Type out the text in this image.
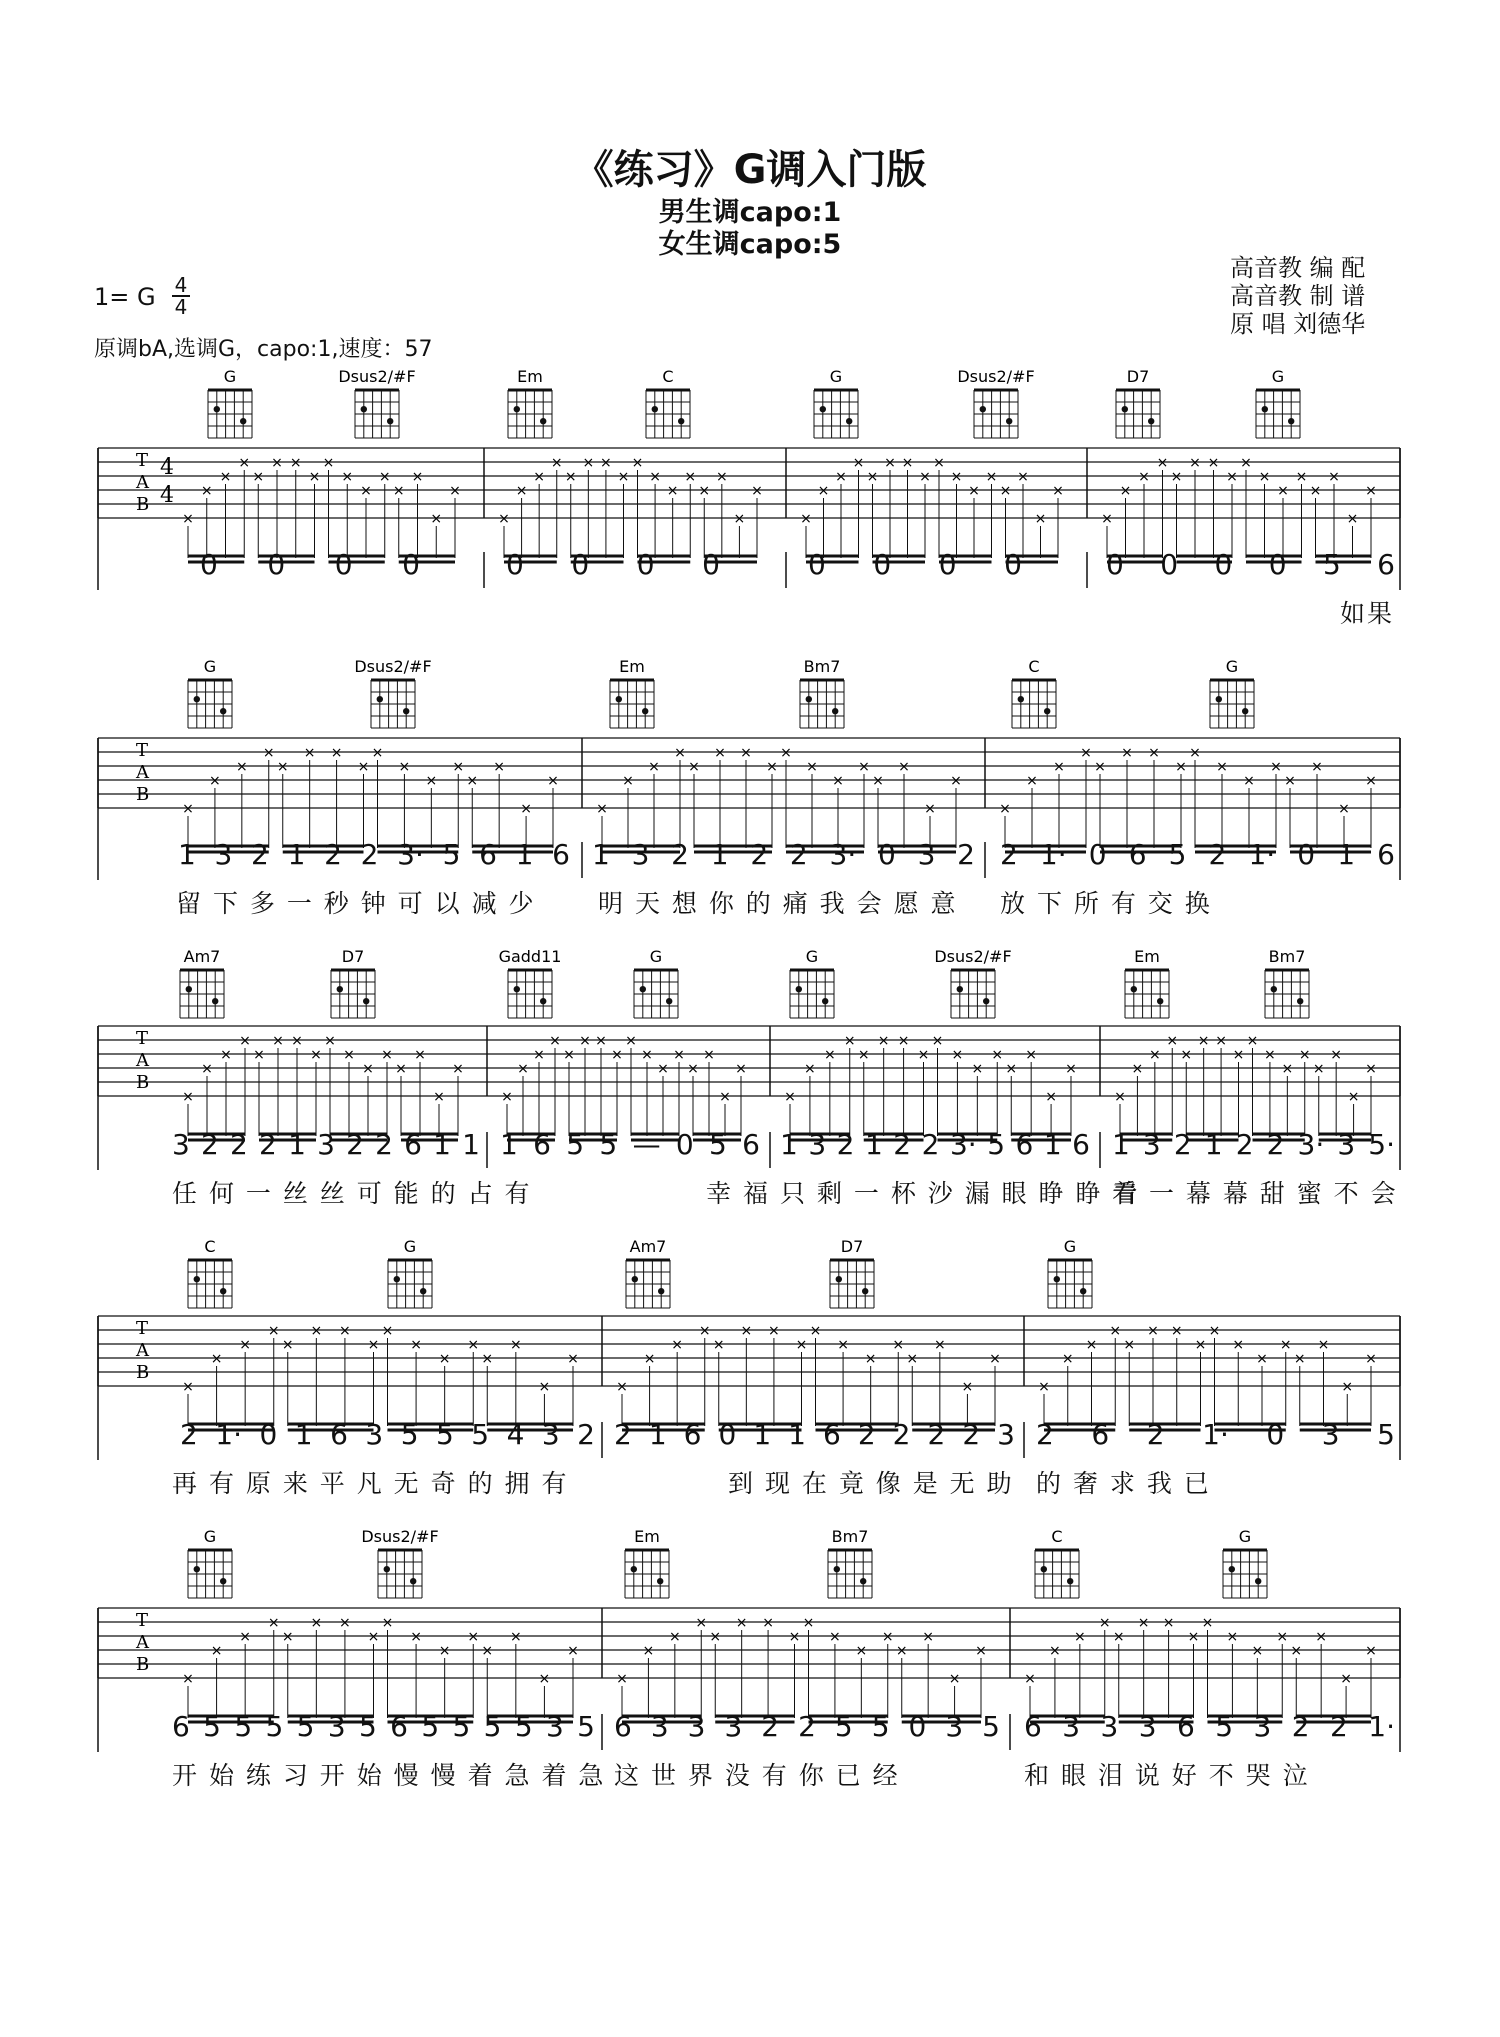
《练习》G调入门版
男生调capo:1
女生调capo:5
高音教 编 配
高音教 制 谱
原 唱 刘德华
1= G 4
4
原调bA,选调G，capo:1,速度：57
G	Dsus2/#F	Em	C	G	Dsus2/#F	D7	G
T
A
B
4
4
×
×
×
×
×
× ×
×
×
×
×
×
×
×
×
×
×
×
×
×
×
× ×
×
×
×
×
×
×
×
×
×
×
×
×
×
×
× ×
×
×
×
×
×
×
×
×
×
×
×
×
×
×
× ×
×
×
×
×
×
×
×
×
×
G	Dsus2/#F	Em	Bm7	C	G
T
A
B
×
×
×
×
×
× ×
×
×
×
×
×
×
×
×
×
×
×
×
×
×
× ×
×
×
×
×
×
×
×
×
×
×
×
×
×
×
× ×
×
×
×
×
×
×
×
×
×
Am7	D7	Gadd11	G	G	Dsus2/#F	Em	Bm7
T
A
B
×
×
×
×
×
× ×
×
×
×
×
×
×
×
×
×
×
×
×
×
×
× ×
×
×
×
×
×
×
×
×
×
×
×
×
×
×
× ×
×
×
×
×
×
×
×
×
×
×
×
×
×
×
× ×
×
×
×
×
×
×
×
×
×
C	G	Am7	D7	G
T
A
B
×
×
×
×
×
× ×
×
×
×
×
×
×
×
×
×
×
×
×
×
×
× ×
×
×
×
×
×
×
×
×
×
×
×
×
×
×
× ×
×
×
×
×
×
×
×
×
×
G	Dsus2/#F	Em	Bm7	C	G
T
A
B
×
×
×
×
×
× ×
×
×
×
×
×
×
×
×
×
×
×
×
×
×
× ×
×
×
×
×
×
×
×
×
×
×
×
×
×
×
× ×
×
×
×
×
×
×
×
×
×
0 0 0 0	0 0 0 0	0 0 0 0	0 0 0 0 5 6
如果
1 3 2 1 2 2 3· 5 6 1 6 1 3 2 1 2 2 3· 0 3 2 2 1· 0 6 5 2 1· 0 1 6
留 下 多 一 秒 钟 可 以 减 少	明 天 想 你 的 痛 我 会 愿 意	放 下 所 有 交 换
3 2 2 2 1 3 2 2 6 1 1 1 6 5 5 — 0 5 6 1 3 2 1 2 2 3· 5 6 1 6 1 3 2 1 2 2 3· 3 5·
任 何 一 丝 丝 可 能 的 占 有	幸 福 只 剩 一 杯 沙 漏 眼 睁 睁 看
着 一 幕 幕 甜 蜜 不 会
2 1· 0 1 6 3 5 5 5 4 3 2 2 1 6 0 1 1 6 2 2 2 2 3 2 6 2 1· 0 3 5
再 有 原 来 平 凡 无 奇 的 拥 有	到 现 在 竟 像 是 无 助 的 奢 求 我 已
6 5 5 5 5 3 5 6 5 5 5 5 3 5 6 3 3 3 2 2 5 5 0 3 5 6 3 3 3 6 5 3 2 2 1·
开 始 练 习 开 始 慢 慢 着 急 着 急 这 世 界 没 有 你 已 经	和 眼 泪 说 好 不 哭 泣
